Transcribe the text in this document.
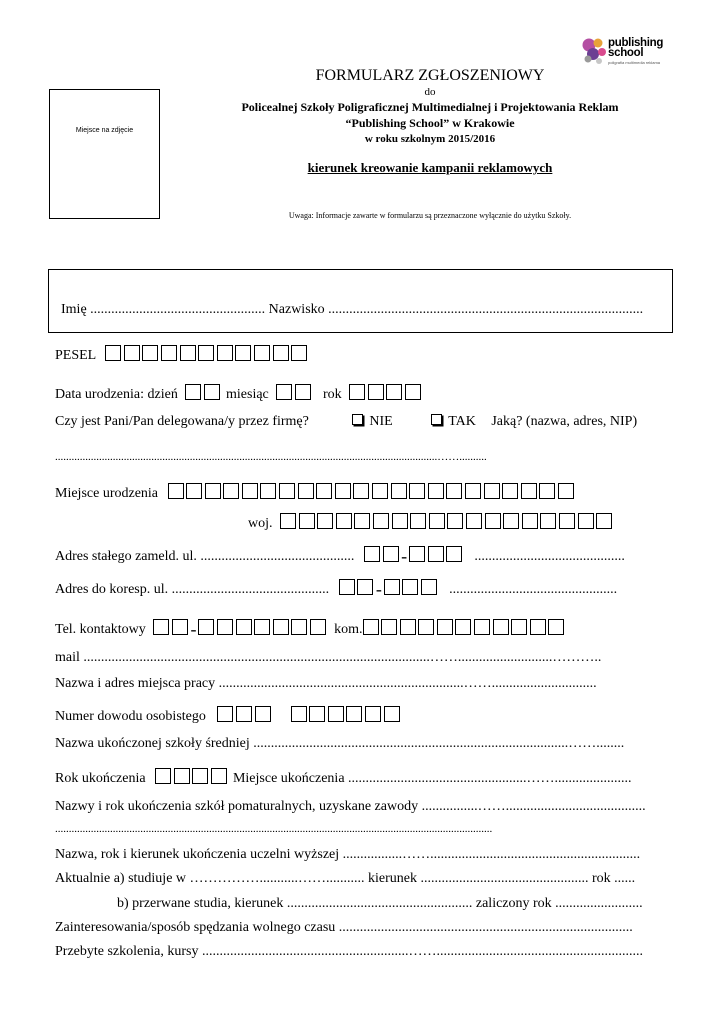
Miejsce na zdjęcie
publishing
school
poligrafia multimedia reklama
FORMULARZ ZGŁOSZENIOWY
do
Policealnej Szkoły Poligraficznej Multimedialnej i Projektowania Reklam
“Publishing School” w Krakowie
w roku szkolnym 2015/2016
kierunek kreowanie kampanii reklamowych
Uwaga: Informacje zawarte w formularzu są przeznaczone wyłącznie do użytku Szkoły.
Imię .................................................. Nazwisko ..........................................................................................
PESEL
Data urodzenia: dzień	miesiąc	rok
Czy jest Pani/Pan delegowana/y przez firmę?	NIE	TAK Jaką? (nazwa, adres, NIP)
...........................................................................................................................................……..........
Miejsce urodzenia
woj.
Adres stałego zameld. ul. ............................................	-	...........................................
Adres do koresp. ul. .............................................	-	................................................
Tel. kontaktowy -	kom.
mail ...................................................................................................……...........................………..
Nazwa i adres miejsca pracy ......................................................................……..............................
Numer dowodu osobistego
Nazwa ukończonej szkoły średniej ..........................................................................................……........
Rok ukończenia	Miejsce ukończenia ...................................................……......................
Nazwy i rok ukończenia szkół pomaturalnych, uzyskane zawody ................……........................................
...............................................................................................................................................................
Nazwa, rok i kierunek ukończenia uczelni wyższej .................……............................................................
Aktualnie a) studiuje w ……………...........……........... kierunek ................................................ rok ......
b) przerwane studia, kierunek ..................................................... zaliczony rok .........................
Zainteresowania/sposób spędzania wolnego czasu ....................................................................................
Przebyte szkolenia, kursy ...........................................................……...........................................................
